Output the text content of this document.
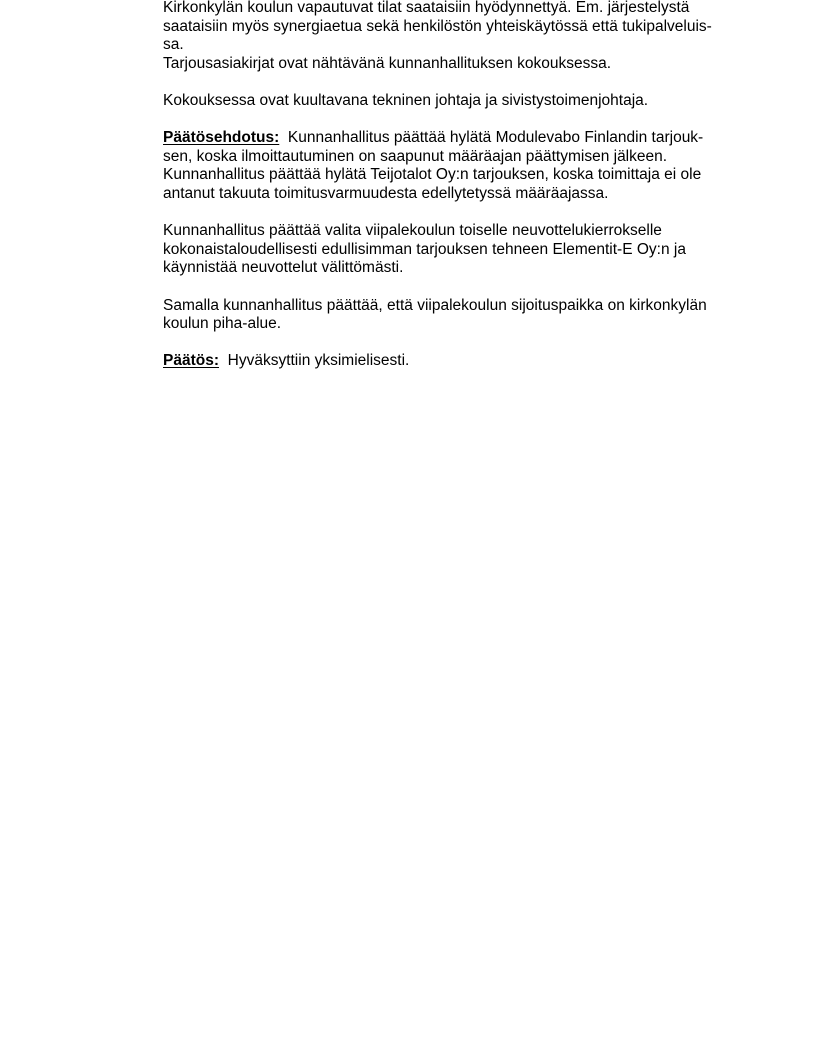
Kirkonkylän koulun vapautuvat tilat saataisiin hyödynnettyä. Em. järjestelystä
saataisiin myös synergiaetua sekä henkilöstön yhteiskäytössä että tukipalveluis-
sa.
Tarjousasiakirjat ovat nähtävänä kunnanhallituksen kokouksessa.
Kokouksessa ovat kuultavana tekninen johtaja ja sivistystoimenjohtaja.
Päätösehdotus: Kunnanhallitus päättää hylätä Modulevabo Finlandin tarjouk-
sen, koska ilmoittautuminen on saapunut määräajan päättymisen jälkeen.
Kunnanhallitus päättää hylätä Teijotalot Oy:n tarjouksen, koska toimittaja ei ole
antanut takuuta toimitusvarmuudesta edellytetyssä määräajassa.
Kunnanhallitus päättää valita viipalekoulun toiselle neuvottelukierrokselle
kokonaistaloudellisesti edullisimman tarjouksen tehneen Elementit-E Oy:n ja
käynnistää neuvottelut välittömästi.
Samalla kunnanhallitus päättää, että viipalekoulun sijoituspaikka on kirkonkylän
koulun piha-alue.
Päätös: Hyväksyttiin yksimielisesti.
